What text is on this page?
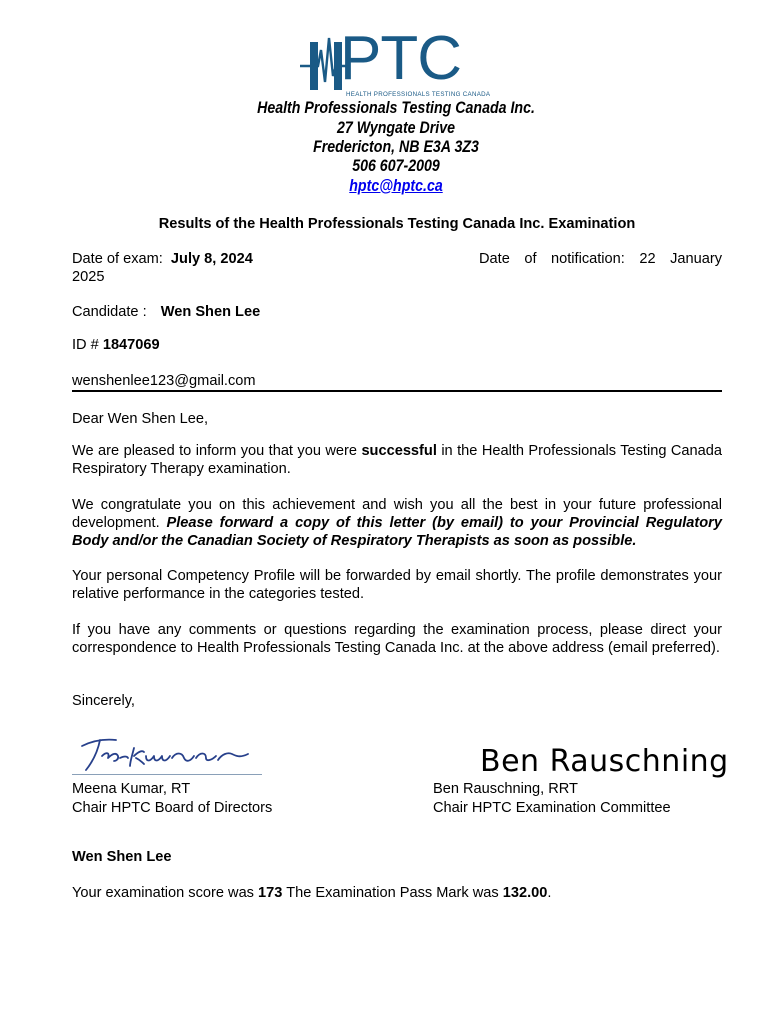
PTC
HEALTH PROFESSIONALS TESTING CANADA
Health Professionals Testing Canada Inc.
27 Wyngate Drive
Fredericton, NB E3A 3Z3
506 607-2009
hptc@hptc.ca
Results of the Health Professionals Testing Canada Inc. Examination
Date of exam: July 8, 2024	Date of notification: 22 January
2025
Candidate : Wen Shen Lee
ID # 1847069
wenshenlee123@gmail.com
Dear Wen Shen Lee,
We are pleased to inform you that you were successful in the Health Professionals Testing Canada Respiratory Therapy examination.
We congratulate you on this achievement and wish you all the best in your future professional development. Please forward a copy of this letter (by email) to your Provincial Regulatory Body and/or the Canadian Society of Respiratory Therapists as soon as possible.
Your personal Competency Profile will be forwarded by email shortly. The profile demonstrates your relative performance in the categories tested.
If you have any comments or questions regarding the examination process, please direct your correspondence to Health Professionals Testing Canada Inc. at the above address (email preferred).
Sincerely,
Kumar	Ben Rauschning
Meena Kumar, RT
Chair HPTC Board of Directors
Ben Rauschning, RRT
Chair HPTC Examination Committee
Wen Shen Lee
Your examination score was 173 The Examination Pass Mark was 132.00.
